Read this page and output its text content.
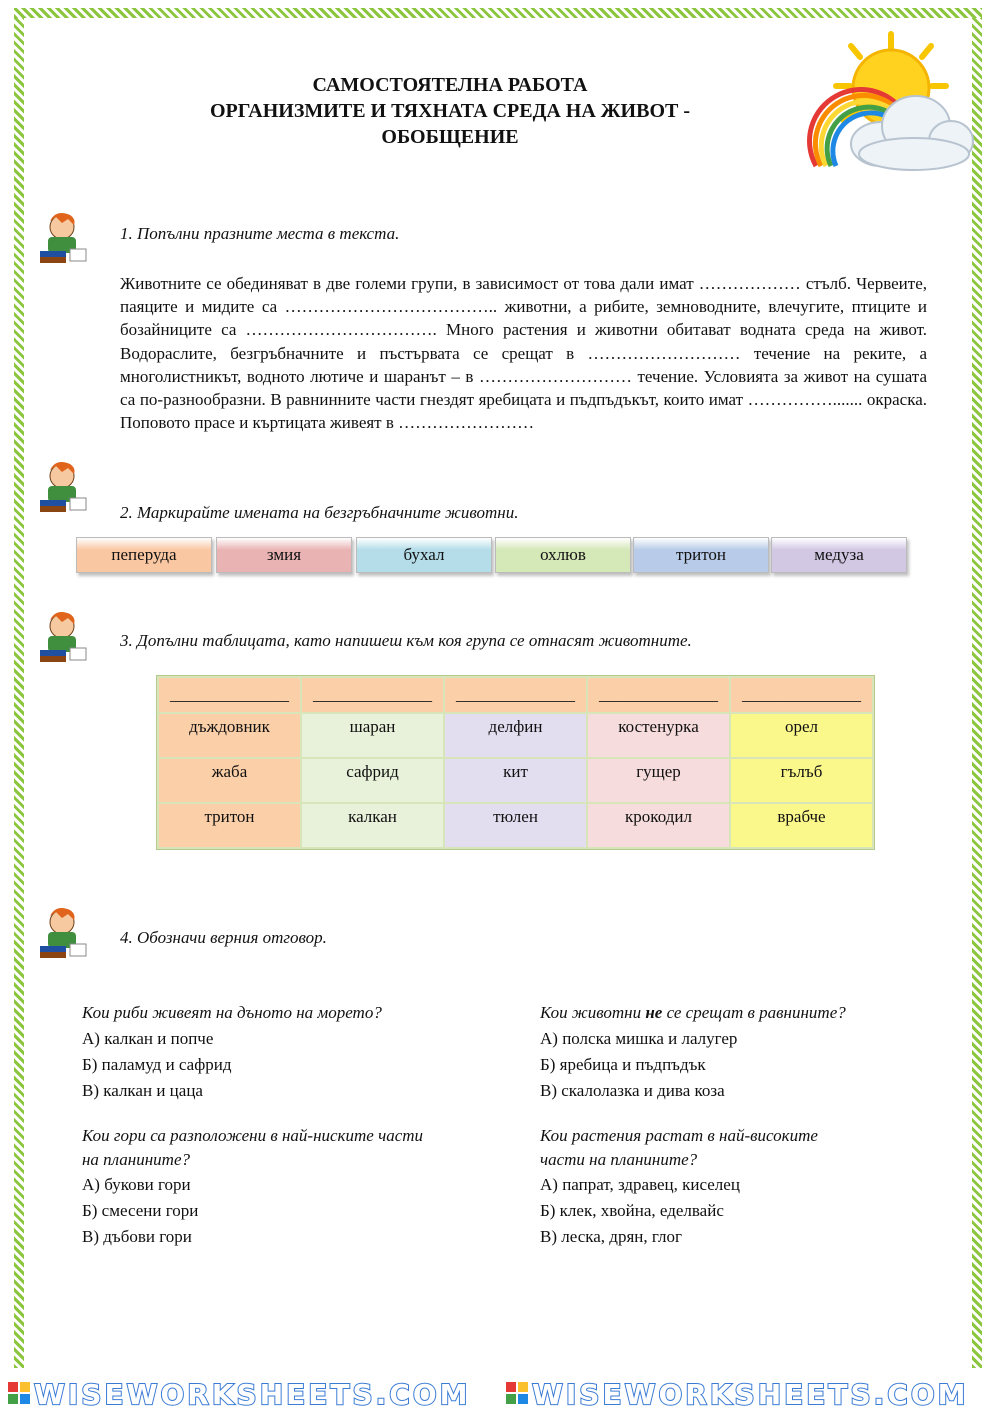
САМОСТОЯТЕЛНА РАБОТА
ОРГАНИЗМИТЕ И ТЯХНАТА СРЕДА НА ЖИВОТ -
ОБОБЩЕНИЕ
1. Попълни празните места в текста.
Животните се обединяват в две големи групи, в зависимост от това дали имат ……………… стълб. Червеите, паяците и мидите са ……………………………….. животни, а рибите, земноводните, влечугите, птиците и бозайниците са ……………………………. Много растения и животни обитават водната среда на живот. Водораслите, безгръбначните и пъстървата се срещат в ……………………… течение на реките, а многолистникът, водното лютиче и шаранът – в ……………………… течение. Условията за живот на сушата са по-разнообразни. В равнинните части гнездят яребицата и пъдпъдъкът, които имат ……………....... окраска. Поповото прасе и къртицата живеят в ……………………
2. Маркирайте имената на безгръбначните животни.
пеперуда	змия	бухал	охлюв	тритон	медуза
3. Допълни таблицата, като напишеш към коя група се отнасят животните.
______________	______________	______________	______________	______________
дъждовник	шаран	делфин	костенурка	орел
жаба	сафрид	кит	гущер	гълъб
тритон	калкан	тюлен	крокодил	врабче
4. Обозначи верния отговор.
Кои риби живеят на дъното на морето?
А) калкан и попче
Б) паламуд и сафрид
В) калкан и цаца
Кои животни не се срещат в равнините?
А) полска мишка и лалугер
Б) яребица и пъдпъдък
В) скалолазка и дива коза
Кои гори са разположени в най-ниските части
на планините?
А) букови гори
Б) смесени гори
В) дъбови гори
Кои растения растат в най-високите
части на планините?
А) папрат, здравец, киселец
Б) клек, хвойна, еделвайс
В) леска, дрян, глог
WISEWORKSHEETS.COM WISEWORKSHEETS.COM
